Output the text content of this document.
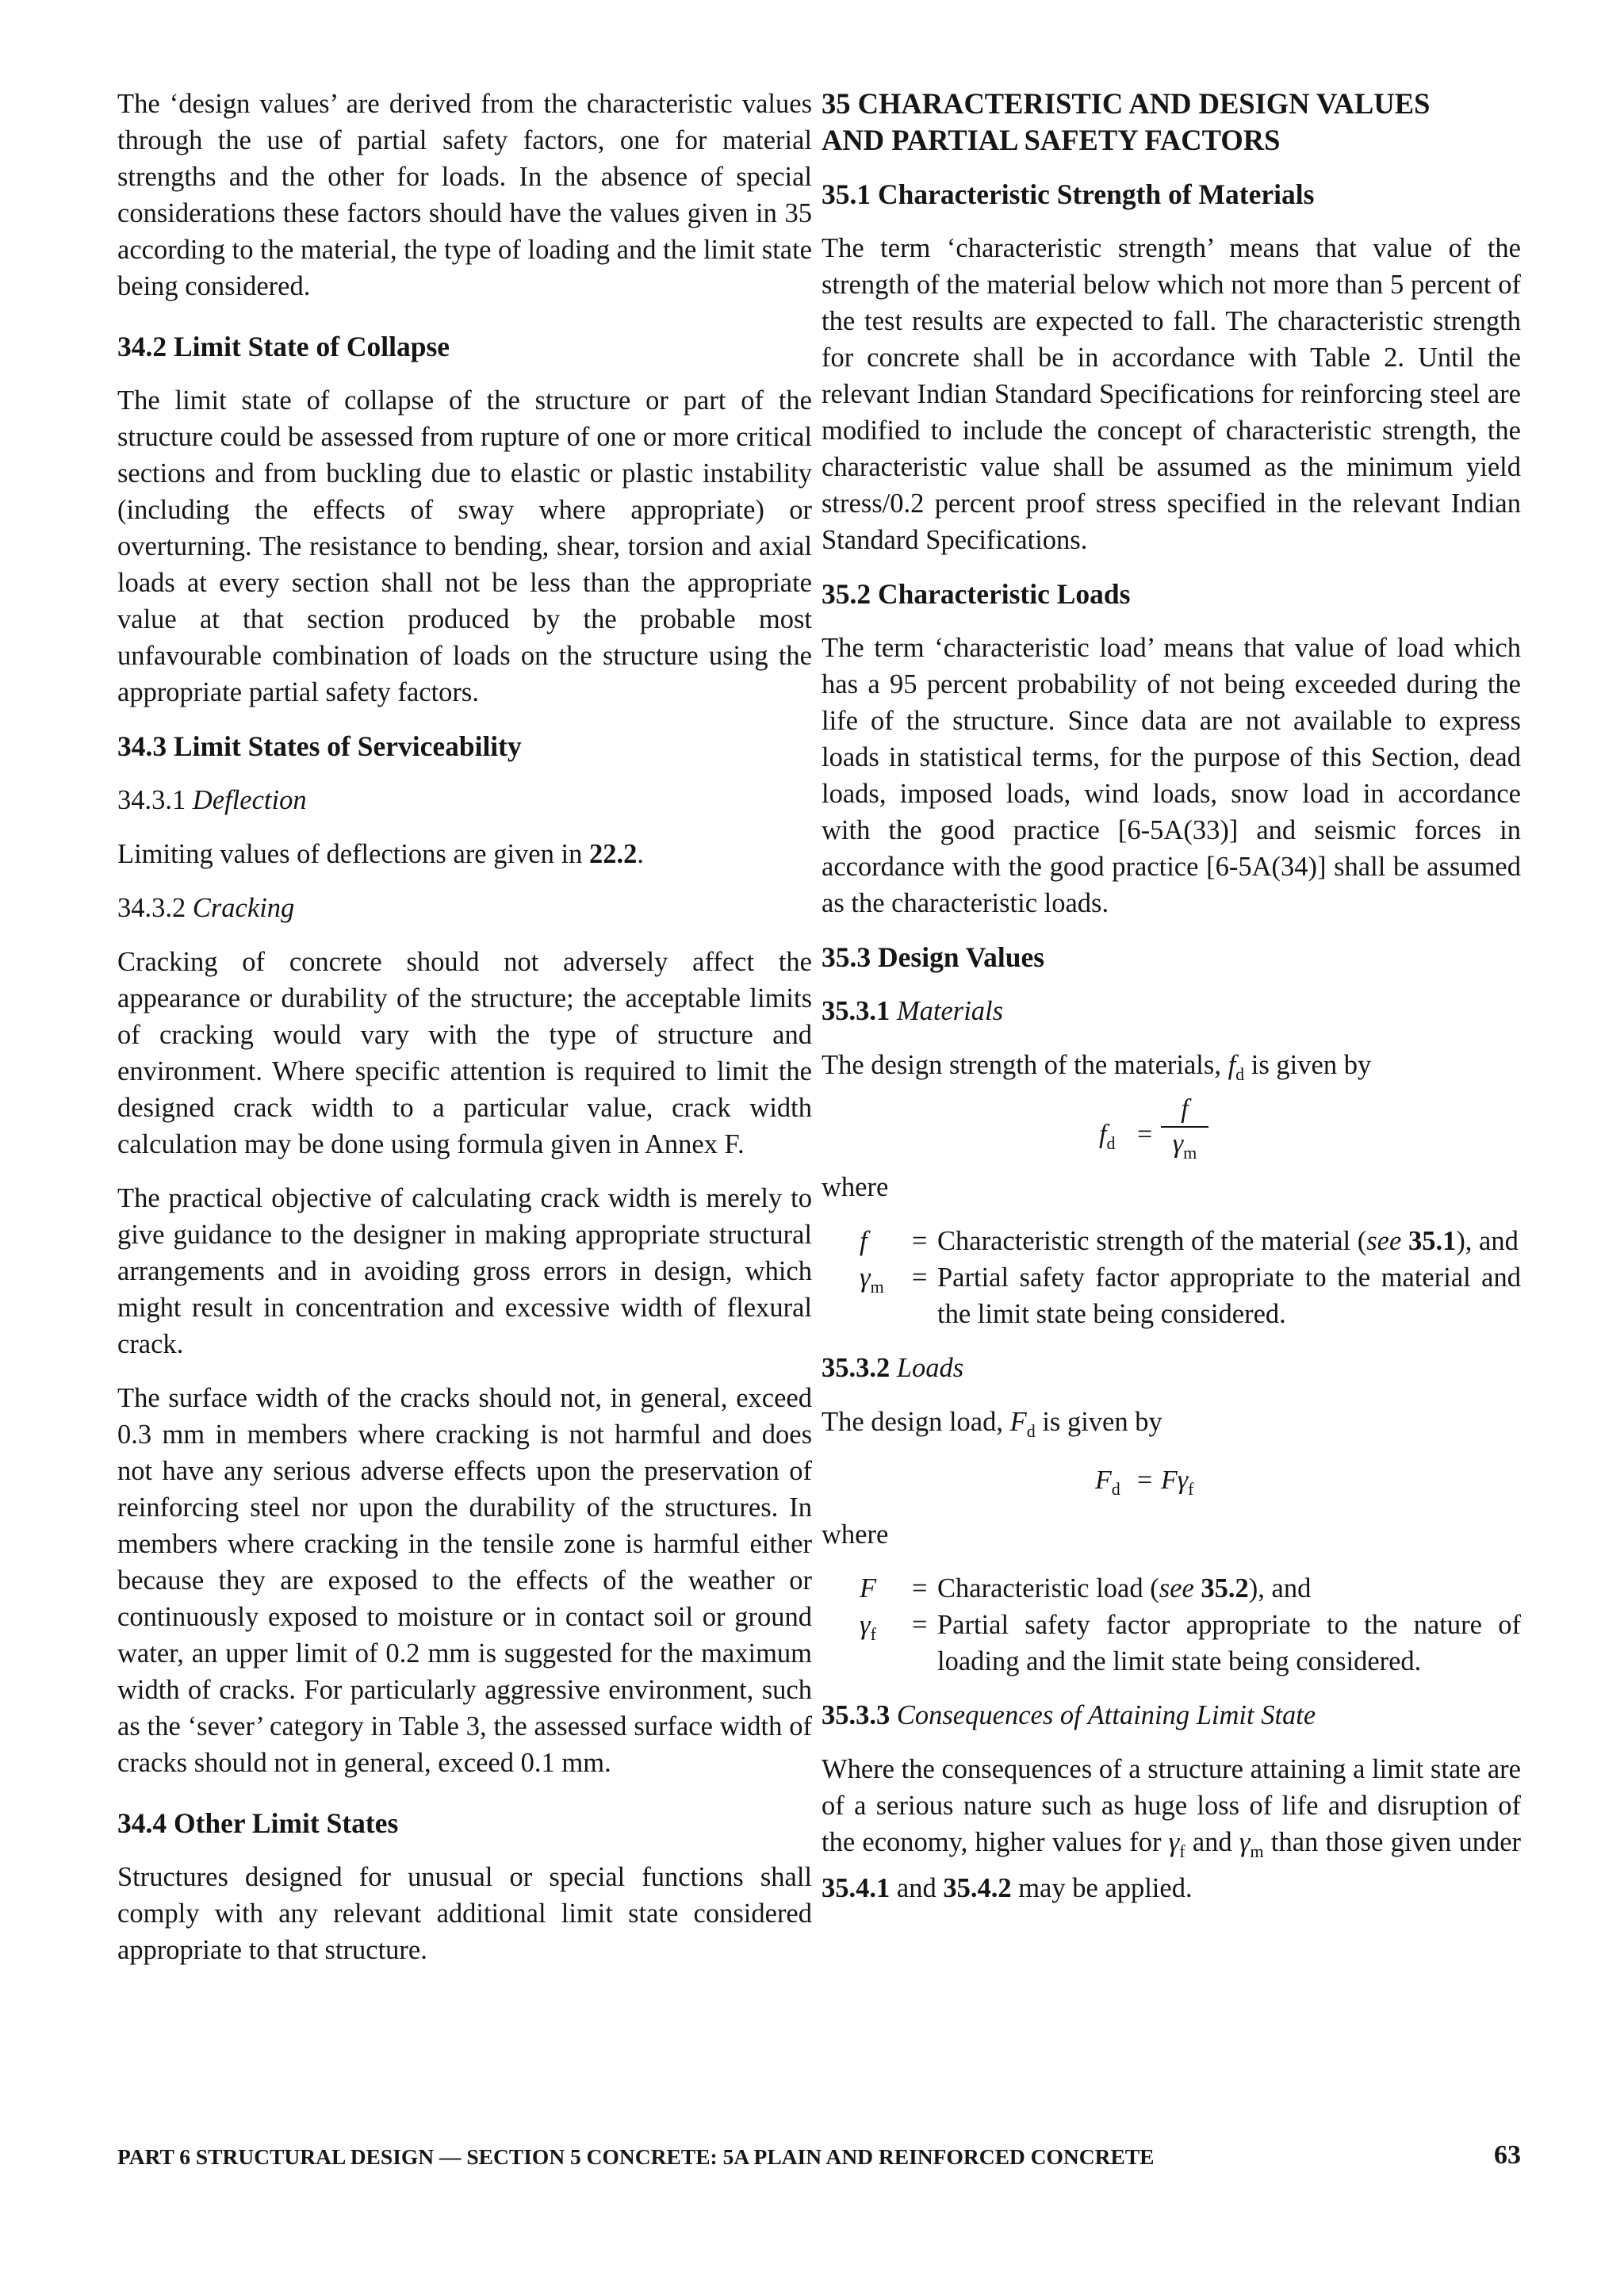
The ‘design values’ are derived from the characteristic values through the use of partial safety factors, one for material strengths and the other for loads. In the absence of special considerations these factors should have the values given in 35 according to the material, the type of loading and the limit state being considered.

34.2 Limit State of Collapse

The limit state of collapse of the structure or part of the structure could be assessed from rupture of one or more critical sections and from buckling due to elastic or plastic instability (including the effects of sway where appropriate) or overturning. The resistance to bending, shear, torsion and axial loads at every section shall not be less than the appropriate value at that section produced by the probable most unfavourable combination of loads on the structure using the appropriate partial safety factors.

34.3 Limit States of Serviceability

34.3.1 Deflection

Limiting values of deflections are given in 22.2.

34.3.2 Cracking

Cracking of concrete should not adversely affect the appearance or durability of the structure; the acceptable limits of cracking would vary with the type of structure and environment. Where specific attention is required to limit the designed crack width to a particular value, crack width calculation may be done using formula given in Annex F.

The practical objective of calculating crack width is merely to give guidance to the designer in making appropriate structural arrangements and in avoiding gross errors in design, which might result in concentration and excessive width of flexural crack.

The surface width of the cracks should not, in general, exceed 0.3 mm in members where cracking is not harmful and does not have any serious adverse effects upon the preservation of reinforcing steel nor upon the durability of the structures. In members where cracking in the tensile zone is harmful either because they are exposed to the effects of the weather or continuously exposed to moisture or in contact soil or ground water, an upper limit of 0.2 mm is suggested for the maximum width of cracks. For particularly aggressive environment, such as the ‘sever’ category in Table 3, the assessed surface width of cracks should not in general, exceed 0.1 mm.

34.4 Other Limit States

Structures designed for unusual or special functions shall comply with any relevant additional limit state considered appropriate to that structure.

35 CHARACTERISTIC AND DESIGN VALUES
AND PARTIAL SAFETY FACTORS
35.1 Characteristic Strength of Materials

The term ‘characteristic strength’ means that value of the strength of the material below which not more than 5 percent of the test results are expected to fall. The characteristic strength for concrete shall be in accordance with Table 2. Until the relevant Indian Standard Specifications for reinforcing steel are modified to include the concept of characteristic strength, the characteristic value shall be assumed as the minimum yield stress/0.2 percent proof stress specified in the relevant Indian Standard Specifications.

35.2 Characteristic Loads

The term ‘characteristic load’ means that value of load which has a 95 percent probability of not being exceeded during the life of the structure. Since data are not available to express loads in statistical terms, for the purpose of this Section, dead loads, imposed loads, wind loads, snow load in accordance with the good practice [6-5A(33)] and seismic forces in accordance with the good practice [6-5A(34)] shall be assumed as the characteristic loads.

35.3 Design Values

35.3.1 Materials

The design strength of the materials, $f_d$ is given by

$f_d$ =
f
$\gamma_m$

where

f	= Characteristic strength of the material (see 35.1), and
$\gamma_m$	= Partial safety factor appropriate to the material and the limit state being considered.

35.3.2 Loads

The design load, $F_d$ is given by

$F_d = F\gamma_f$

where

F	= Characteristic load (see 35.2), and
$\gamma_f$	= Partial safety factor appropriate to the nature of loading and the limit state being considered.

35.3.3 Consequences of Attaining Limit State

Where the consequences of a structure attaining a limit state are of a serious nature such as huge loss of life and disruption of the economy, higher values for $\gamma_f$ and $\gamma_m$ than those given under 35.4.1 and 35.4.2 may be applied.

PART 6 STRUCTURAL DESIGN — SECTION 5 CONCRETE: 5A PLAIN AND REINFORCED CONCRETE	63
